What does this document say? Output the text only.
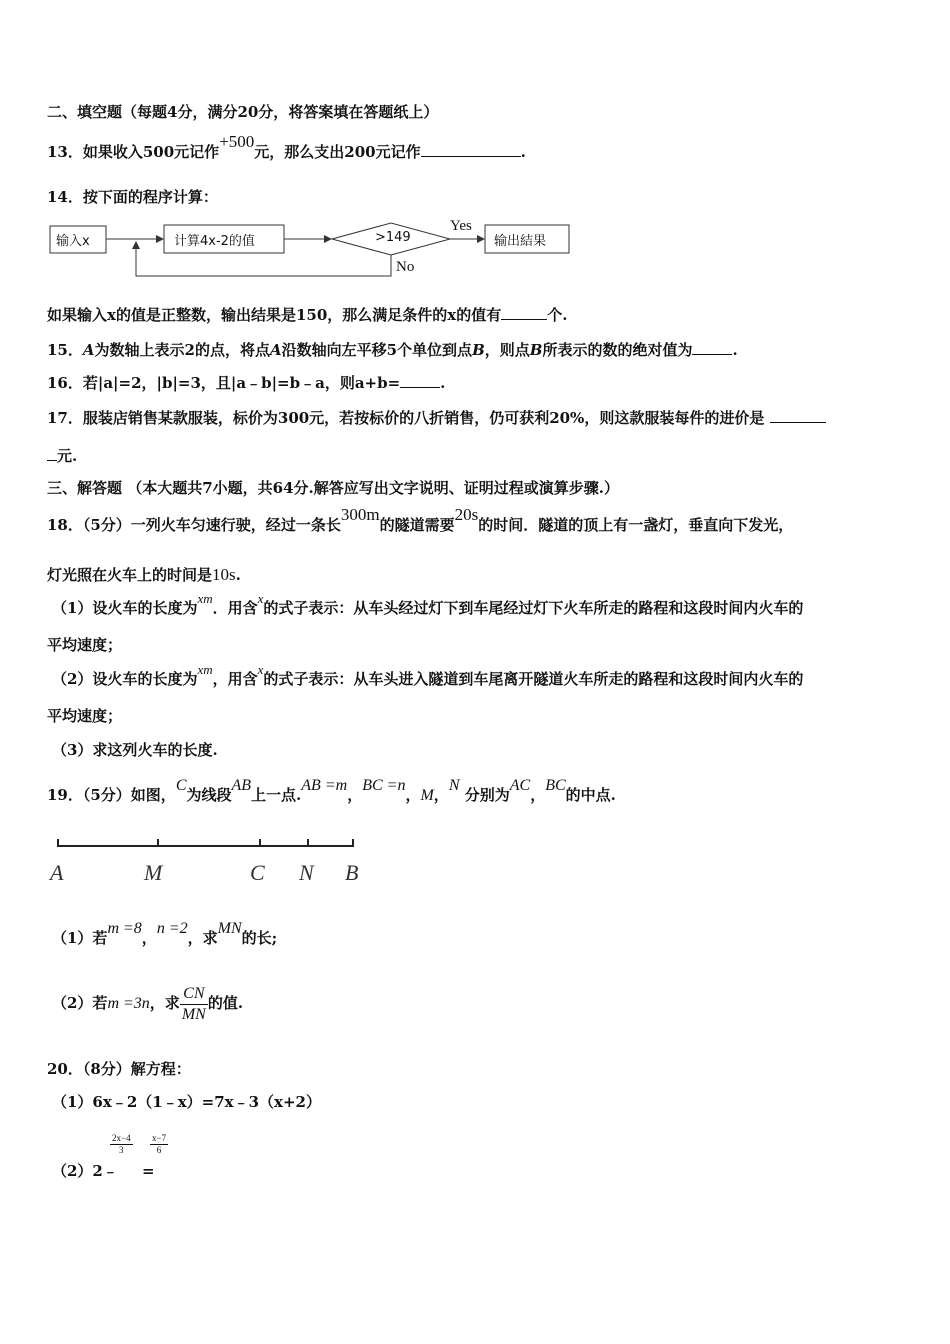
二、填空题（每题4分，满分20分，将答案填在答题纸上）
13．如果收入500元记作+500元，那么支出200元记作	.
14．按下面的程序计算：
输入x	计算4x-2的值	>149
Yes
No
输出結果
如果输入x的值是正整数，输出结果是150，那么满足条件的x的值有	个.
15．A为数轴上表示2的点，将点A沿数轴向左平移5个单位到点B，则点B所表示的数的绝对值为	.
16．若|a|=2，|b|=3，且|a﹣b|=b﹣a，则a+b=	.
17．服装店销售某款服装，标价为300元，若按标价的八折销售，仍可获利20%，则这款服装每件的进价是
元.
三、解答题 （本大题共7小题，共64分.解答应写出文字说明、证明过程或演算步骤.）
18．（5分）一列火车匀速行驶，经过一条长300m的隧道需要20s的时间．隧道的顶上有一盏灯，垂直向下发光，
灯光照在火车上的时间是10s.
（1）设火车的长度为xm．用含x的式子表示：从车头经过灯下到车尾经过灯下火车所走的路程和这段时间内火车的
平均速度；
（2）设火车的长度为xm，用含x的式子表示：从车头进入隧道到车尾离开隧道火车所走的路程和这段时间内火车的
平均速度；
（3）求这列火车的长度.
19．（5分）如图，C为线段AB上一点.AB =m，BC =n，M，N 分别为AC，BC的中点.
A	M	C N B
（1）若m =8，n =2，求MN的长;
（2）若m =3n，求 $\frac{CN}{MN}$ 的值.
20．（8分）解方程：
（1）6x﹣2（1﹣x）=7x﹣3（x+2）
（2）2﹣
$\frac{2x-4}{3} \frac{x-7}{6}$
=
